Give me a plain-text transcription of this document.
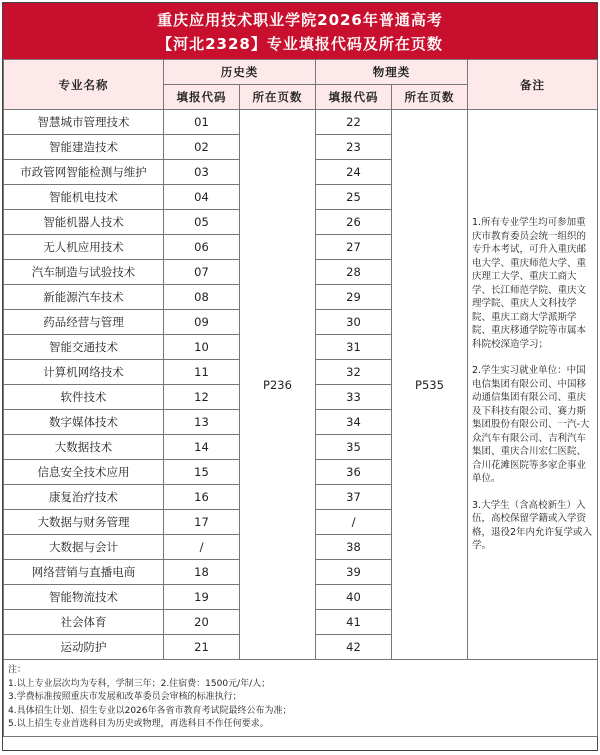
重庆应用技术职业学院2026年普通高考
【河北2328】专业填报代码及所在页数
专业名称	历史类		物理类		备注
	填报代码	所在页数	填报代码	所在页数	
智慧城市管理技术	01	P236	22	P535	1.所有专业学生均可参加重庆市教育委员会统一组织的专升本考试，可升入重庆邮电大学、重庆师范大学、重庆理工大学、重庆工商大学、长江师范学院、重庆文理学院、重庆人文科技学院、重庆工商大学派斯学院、重庆移通学院等市属本科院校深造学习；

2.学生实习就业单位：中国电信集团有限公司、中国移动通信集团有限公司、重庆及下科技有限公司、赛力斯集团股份有限公司、一汽-大众汽车有限公司、吉利汽车集团、重庆合川宏仁医院、合川花滩医院等多家企事业单位。

3.大学生（含高校新生）入伍，高校保留学籍或入学资格，退役2年内允许复学或入学。

智能建造技术	02		23		
市政管网智能检测与维护	03		24		
智能机电技术	04		25		
智能机器人技术	05		26		
无人机应用技术	06		27		
汽车制造与试验技术	07		28		
新能源汽车技术	08		29		
药品经营与管理	09		30		
智能交通技术	10		31		
计算机网络技术	11		32		
软件技术	12		33		
数字媒体技术	13		34		
大数据技术	14		35		
信息安全技术应用	15		36		
康复治疗技术	16		37		
大数据与财务管理	17		/		
大数据与会计	/		38		
网络营销与直播电商	18		39		
智能物流技术	19		40		
社会体育	20		41		
运动防护	21		42		

注：
1.以上专业层次均为专科，学制三年；2.住宿费：1500元/年/人；
3.学费标准按照重庆市发展和改革委员会审核的标准执行；
4.具体招生计划、招生专业以2026年各省市教育考试院最终公布为准；
5.以上招生专业首选科目为历史或物理，再选科目不作任何要求。					
